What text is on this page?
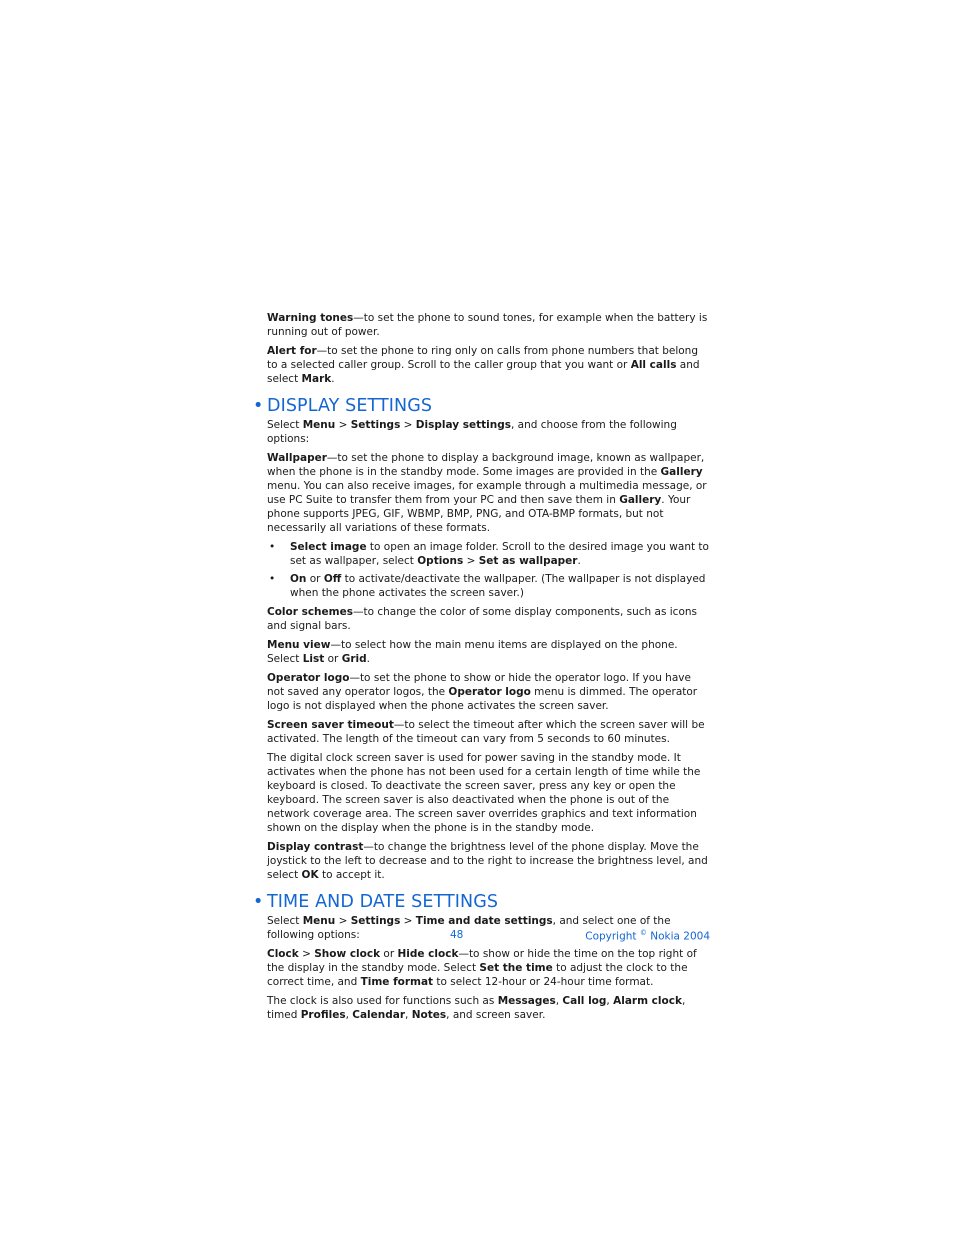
Warning tones—to set the phone to sound tones, for example when the battery is running out of power.

Alert for—to set the phone to ring only on calls from phone numbers that belong to a selected caller group. Scroll to the caller group that you want or All calls and select Mark.

• DISPLAY SETTINGS

Select Menu > Settings > Display settings, and choose from the following options:

Wallpaper—to set the phone to display a background image, known as wallpaper, when the phone is in the standby mode. Some images are provided in the Gallery menu. You can also receive images, for example through a multimedia message, or use PC Suite to transfer them from your PC and then save them in Gallery. Your phone supports JPEG, GIF, WBMP, BMP, PNG, and OTA-BMP formats, but not necessarily all variations of these formats.

• Select image to open an image folder. Scroll to the desired image you want to set as wallpaper, select Options > Set as wallpaper.
• On or Off to activate/deactivate the wallpaper. (The wallpaper is not displayed when the phone activates the screen saver.)

Color schemes—to change the color of some display components, such as icons and signal bars.

Menu view—to select how the main menu items are displayed on the phone. Select List or Grid.

Operator logo—to set the phone to show or hide the operator logo. If you have not saved any operator logos, the Operator logo menu is dimmed. The operator logo is not displayed when the phone activates the screen saver.

Screen saver timeout—to select the timeout after which the screen saver will be activated. The length of the timeout can vary from 5 seconds to 60 minutes.

The digital clock screen saver is used for power saving in the standby mode. It activates when the phone has not been used for a certain length of time while the keyboard is closed. To deactivate the screen saver, press any key or open the keyboard. The screen saver is also deactivated when the phone is out of the network coverage area. The screen saver overrides graphics and text information shown on the display when the phone is in the standby mode.

Display contrast—to change the brightness level of the phone display. Move the joystick to the left to decrease and to the right to increase the brightness level, and select OK to accept it.

• TIME AND DATE SETTINGS

Select Menu > Settings > Time and date settings, and select one of the following options:

Clock > Show clock or Hide clock—to show or hide the time on the top right of the display in the standby mode. Select Set the time to adjust the clock to the correct time, and Time format to select 12-hour or 24-hour time format.

The clock is also used for functions such as Messages, Call log, Alarm clock, timed Profiles, Calendar, Notes, and screen saver.

48	Copyright © Nokia 2004
